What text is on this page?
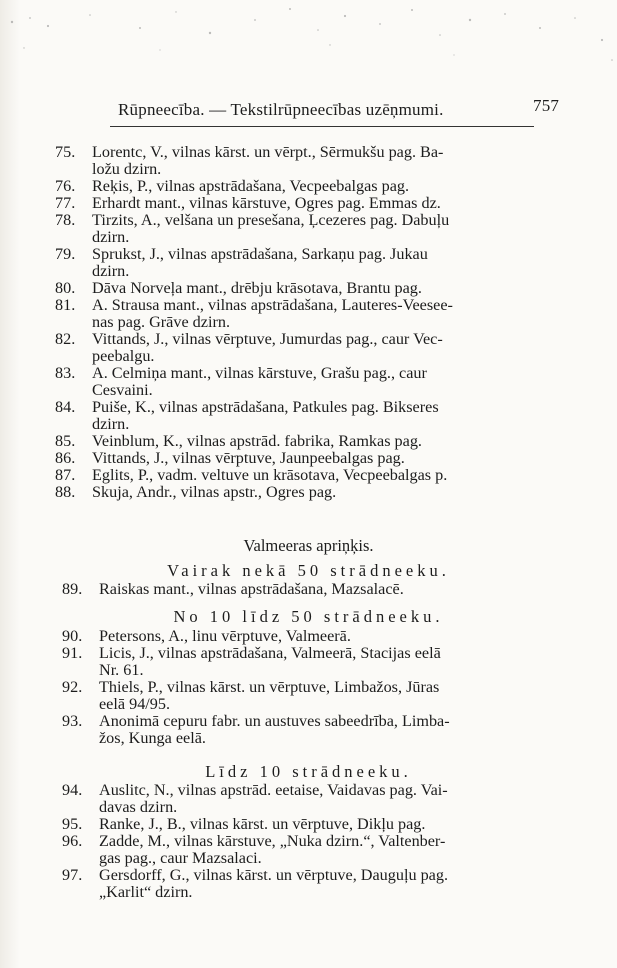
Rūpneecība. — Tekstilrūpneecības uzēņmumi.	757
75.	Lorentc, V., vilnas kārst. un vērpt., Sērmukšu pag. Ba-
ložu dzirn.
76.	Reķis, P., vilnas apstrādašana, Vecpeebalgas pag.
77.	Erhardt mant., vilnas kārstuve, Ogres pag. Emmas dz.
78.	Tirzits, A., velšana un presešana, Ļcezeres pag. Dabuļu
dzirn.
79.	Sprukst, J., vilnas apstrādašana, Sarkaņu pag. Jukau
dzirn.
80.	Dāva Norveļa mant., drēbju krāsotava, Brantu pag.
81.	A. Strausa mant., vilnas apstrādašana, Lauteres-Veesee-
nas pag. Grāve dzirn.
82.	Vittands, J., vilnas vērptuve, Jumurdas pag., caur Vec-
peebalgu.
83.	A. Celmiņa mant., vilnas kārstuve, Grašu pag., caur
Cesvaini.
84.	Puiše, K., vilnas apstrādašana, Patkules pag. Bikseres
dzirn.
85.	Veinblum, K., vilnas apstrād. fabrika, Ramkas pag.
86.	Vittands, J., vilnas vērptuve, Jaunpeebalgas pag.
87.	Eglits, P., vadm. veltuve un krāsotava, Vecpeebalgas p.
88.	Skuja, Andr., vilnas apstr., Ogres pag.
89.	Raiskas mant., vilnas apstrādašana, Mazsalacē.
90.	Petersons, A., linu vērptuve, Valmeerā.
91.	Licis, J., vilnas apstrādašana, Valmeerā, Stacijas eelā
Nr. 61.
92.	Thiels, P., vilnas kārst. un vērptuve, Limbažos, Jūras
eelā 94/95.
93.	Anonimā cepuru fabr. un austuves sabeedrība, Limba-
žos, Kunga eelā.
94.	Auslitc, N., vilnas apstrād. eetaise, Vaidavas pag. Vai-
davas dzirn.
95.	Ranke, J., B., vilnas kārst. un vērptuve, Dikļu pag.
96.	Zadde, M., vilnas kārstuve, „Nuka dzirn.“, Valtenber-
gas pag., caur Mazsalaci.
97.	Gersdorff, G., vilnas kārst. un vērptuve, Dauguļu pag.
„Karlit“ dzirn.
Valmeeras apriņķis.
Vairak nekā 50 strādneeku.
No 10 līdz 50 strādneeku.
Līdz 10 strādneeku.
